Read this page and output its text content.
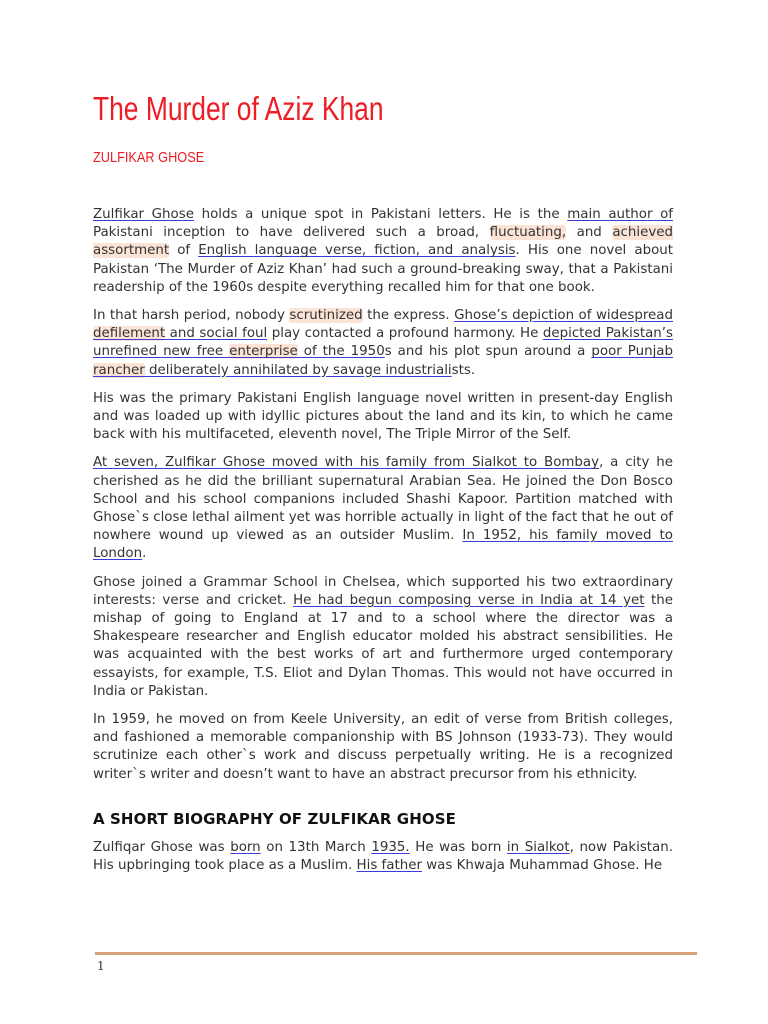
The Murder of Aziz Khan
ZULFIKAR GHOSE

Zulfikar Ghose holds a unique spot in Pakistani letters. He is the main author of Pakistani inception to have delivered such a broad, fluctuating, and achieved assortment of English language verse, fiction, and analysis. His one novel about Pakistan ‘The Murder of Aziz Khan’ had such a ground-breaking sway, that a Pakistani readership of the 1960s despite everything recalled him for that one book.

In that harsh period, nobody scrutinized the express. Ghose’s depiction of widespread defilement and social foul play contacted a profound harmony. He depicted Pakistan’s unrefined new free enterprise of the 1950s and his plot spun around a poor Punjab rancher deliberately annihilated by savage industrialists.

His was the primary Pakistani English language novel written in present-day English and was loaded up with idyllic pictures about the land and its kin, to which he came back with his multifaceted, eleventh novel, The Triple Mirror of the Self.

At seven, Zulfikar Ghose moved with his family from Sialkot to Bombay, a city he cherished as he did the brilliant supernatural Arabian Sea. He joined the Don Bosco School and his school companions included Shashi Kapoor. Partition matched with Ghose`s close lethal ailment yet was horrible actually in light of the fact that he out of nowhere wound up viewed as an outsider Muslim. In 1952, his family moved to London.

Ghose joined a Grammar School in Chelsea, which supported his two extraordinary interests: verse and cricket. He had begun composing verse in India at 14 yet the mishap of going to England at 17 and to a school where the director was a Shakespeare researcher and English educator molded his abstract sensibilities. He was acquainted with the best works of art and furthermore urged contemporary essayists, for example, T.S. Eliot and Dylan Thomas. This would not have occurred in India or Pakistan.

In 1959, he moved on from Keele University, an edit of verse from British colleges, and fashioned a memorable companionship with BS Johnson (1933-73). They would scrutinize each other`s work and discuss perpetually writing. He is a recognized writer`s writer and doesn’t want to have an abstract precursor from his ethnicity.

A SHORT BIOGRAPHY OF ZULFIKAR GHOSE

Zulfiqar Ghose was born on 13th March 1935. He was born in Sialkot, now Pakistan. His upbringing took place as a Muslim. His father was Khwaja Muhammad Ghose. He

1
